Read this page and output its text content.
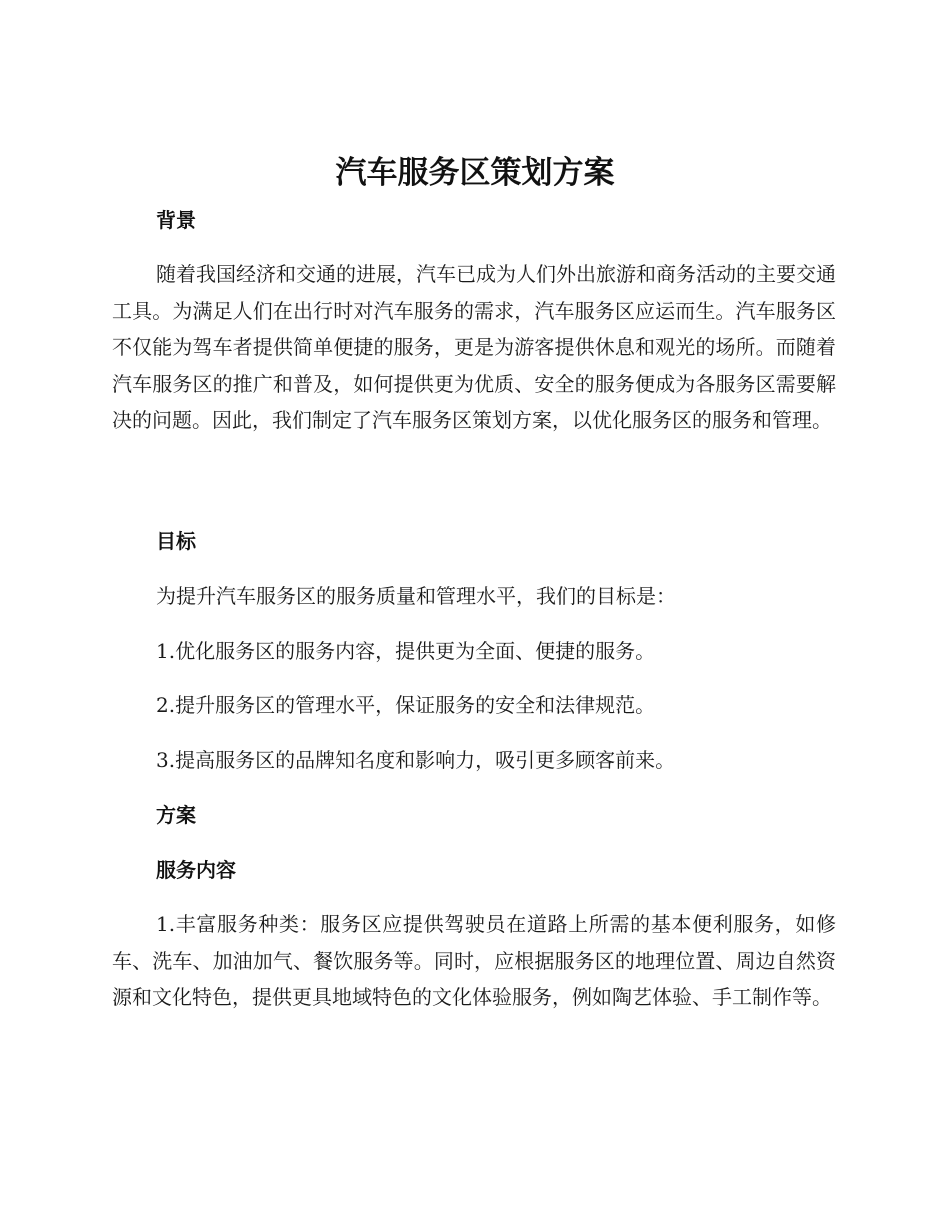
汽车服务区策划方案
背景

随着我国经济和交通的进展，汽车已成为人们外出旅游和商务活动的主要交通工具。为满足人们在出行时对汽车服务的需求，汽车服务区应运而生。汽车服务区不仅能为驾车者提供简单便捷的服务，更是为游客提供休息和观光的场所。而随着汽车服务区的推广和普及，如何提供更为优质、安全的服务便成为各服务区需要解决的问题。因此，我们制定了汽车服务区策划方案，以优化服务区的服务和管理。

目标

为提升汽车服务区的服务质量和管理水平，我们的目标是：

1.优化服务区的服务内容，提供更为全面、便捷的服务。

2.提升服务区的管理水平，保证服务的安全和法律规范。

3.提高服务区的品牌知名度和影响力，吸引更多顾客前来。

方案
服务内容

1.丰富服务种类：服务区应提供驾驶员在道路上所需的基本便利服务，如修车、洗车、加油加气、餐饮服务等。同时，应根据服务区的地理位置、周边自然资源和文化特色，提供更具地域特色的文化体验服务，例如陶艺体验、手工制作等。
